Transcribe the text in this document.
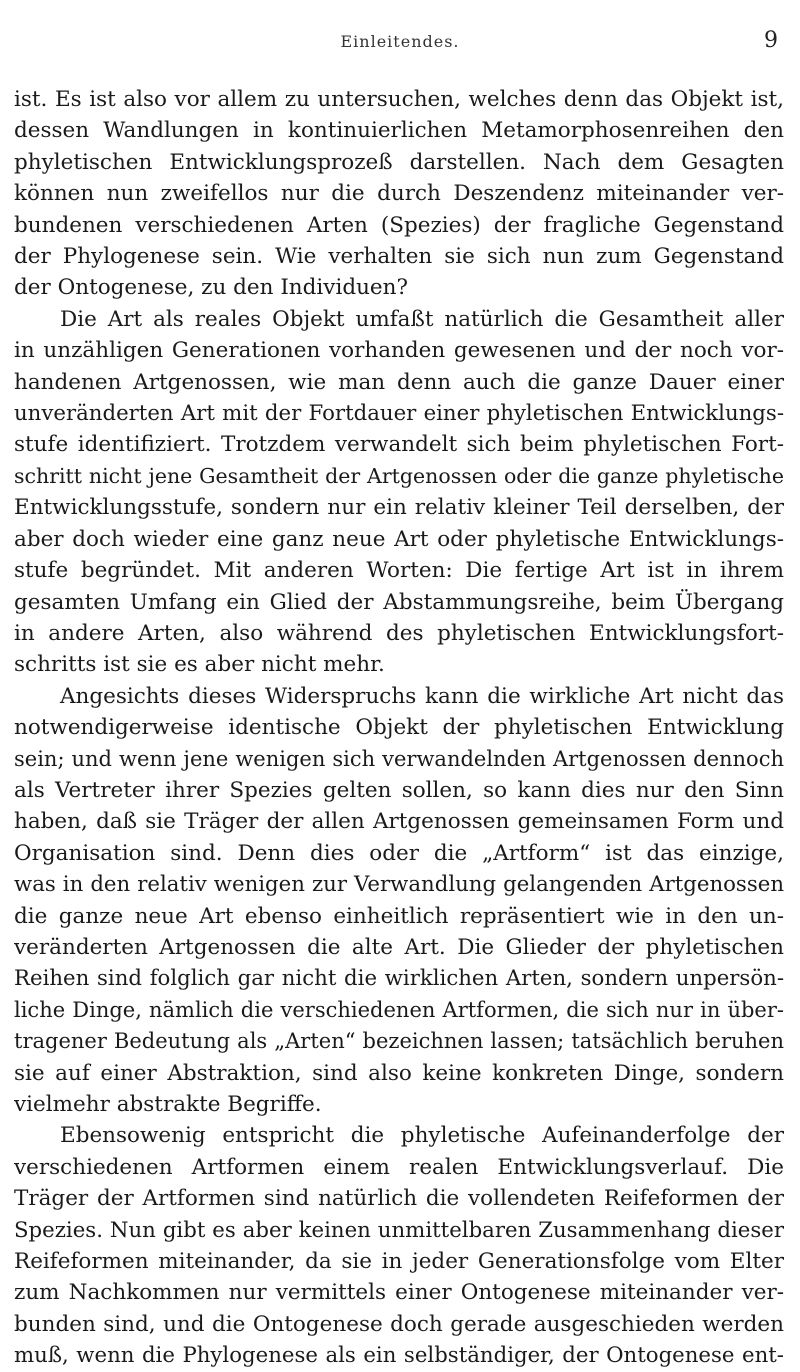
Einleitendes.	9

ist. Es ist also vor allem zu untersuchen, welches denn das Objekt ist,
dessen Wandlungen in kontinuierlichen Metamorphosenreihen den
phyletischen Entwicklungsprozeß darstellen. Nach dem Gesagten
können nun zweifellos nur die durch Deszendenz miteinander ver-
bundenen verschiedenen Arten (Spezies) der fragliche Gegenstand
der Phylogenese sein. Wie verhalten sie sich nun zum Gegenstand
der Ontogenese, zu den Individuen?

Die Art als reales Objekt umfaßt natürlich die Gesamtheit aller
in unzähligen Generationen vorhanden gewesenen und der noch vor-
handenen Artgenossen, wie man denn auch die ganze Dauer einer
unveränderten Art mit der Fortdauer einer phyletischen Entwicklungs-
stufe identifiziert. Trotzdem verwandelt sich beim phyletischen Fort-
schritt nicht jene Gesamtheit der Artgenossen oder die ganze phyletische
Entwicklungsstufe, sondern nur ein relativ kleiner Teil derselben, der
aber doch wieder eine ganz neue Art oder phyletische Entwicklungs-
stufe begründet. Mit anderen Worten: Die fertige Art ist in ihrem
gesamten Umfang ein Glied der Abstammungsreihe, beim Übergang
in andere Arten, also während des phyletischen Entwicklungsfort-
schritts ist sie es aber nicht mehr.

Angesichts dieses Widerspruchs kann die wirkliche Art nicht das
notwendigerweise identische Objekt der phyletischen Entwicklung
sein; und wenn jene wenigen sich verwandelnden Artgenossen dennoch
als Vertreter ihrer Spezies gelten sollen, so kann dies nur den Sinn
haben, daß sie Träger der allen Artgenossen gemeinsamen Form und
Organisation sind. Denn dies oder die „Artform“ ist das einzige,
was in den relativ wenigen zur Verwandlung gelangenden Artgenossen
die ganze neue Art ebenso einheitlich repräsentiert wie in den un-
veränderten Artgenossen die alte Art. Die Glieder der phyletischen
Reihen sind folglich gar nicht die wirklichen Arten, sondern unpersön-
liche Dinge, nämlich die verschiedenen Artformen, die sich nur in über-
tragener Bedeutung als „Arten“ bezeichnen lassen; tatsächlich beruhen
sie auf einer Abstraktion, sind also keine konkreten Dinge, sondern
vielmehr abstrakte Begriffe.

Ebensowenig entspricht die phyletische Aufeinanderfolge der
verschiedenen Artformen einem realen Entwicklungsverlauf. Die
Träger der Artformen sind natürlich die vollendeten Reifeformen der
Spezies. Nun gibt es aber keinen unmittelbaren Zusammenhang dieser
Reifeformen miteinander, da sie in jeder Generationsfolge vom Elter
zum Nachkommen nur vermittels einer Ontogenese miteinander ver-
bunden sind, und die Ontogenese doch gerade ausgeschieden werden
muß, wenn die Phylogenese als ein selbständiger, der Ontogenese ent-
